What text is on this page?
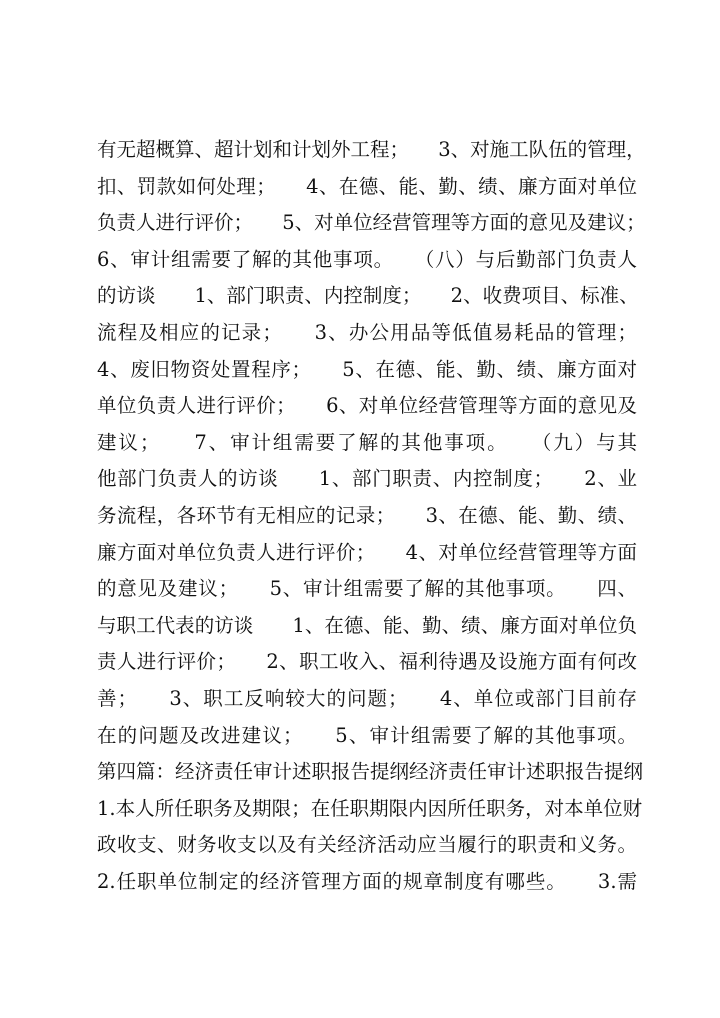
有无超概算、超计划和计划外工程；　　3、对施工队伍的管理，
扣、罚款如何处理；　　4、在德、能、勤、绩、廉方面对单位
负责人进行评价；　　5、对单位经营管理等方面的意见及建议；
6、审计组需要了解的其他事项。　　（八）与后勤部门负责人
的访谈　　1、部门职责、内控制度；　　2、收费项目、标准、
流程及相应的记录；　　3、办公用品等低值易耗品的管理；
4、废旧物资处置程序；　　5、在德、能、勤、绩、廉方面对
单位负责人进行评价；　　6、对单位经营管理等方面的意见及
建议；　　7、审计组需要了解的其他事项。　　（九）与其
他部门负责人的访谈　　1、部门职责、内控制度；　　2、业
务流程，各环节有无相应的记录；　　3、在德、能、勤、绩、
廉方面对单位负责人进行评价；　　4、对单位经营管理等方面
的意见及建议；　　5、审计组需要了解的其他事项。　　四、
与职工代表的访谈　　1、在德、能、勤、绩、廉方面对单位负
责人进行评价；　　2、职工收入、福利待遇及设施方面有何改
善；　　3、职工反响较大的问题；　　4、单位或部门目前存
在的问题及改进建议；　　5、审计组需要了解的其他事项。
第四篇：经济责任审计述职报告提纲经济责任审计述职报告提纲
1.本人所任职务及期限；在任职期限内因所任职务，对本单位财
政收支、财务收支以及有关经济活动应当履行的职责和义务。
2.任职单位制定的经济管理方面的规章制度有哪些。　　3.需
